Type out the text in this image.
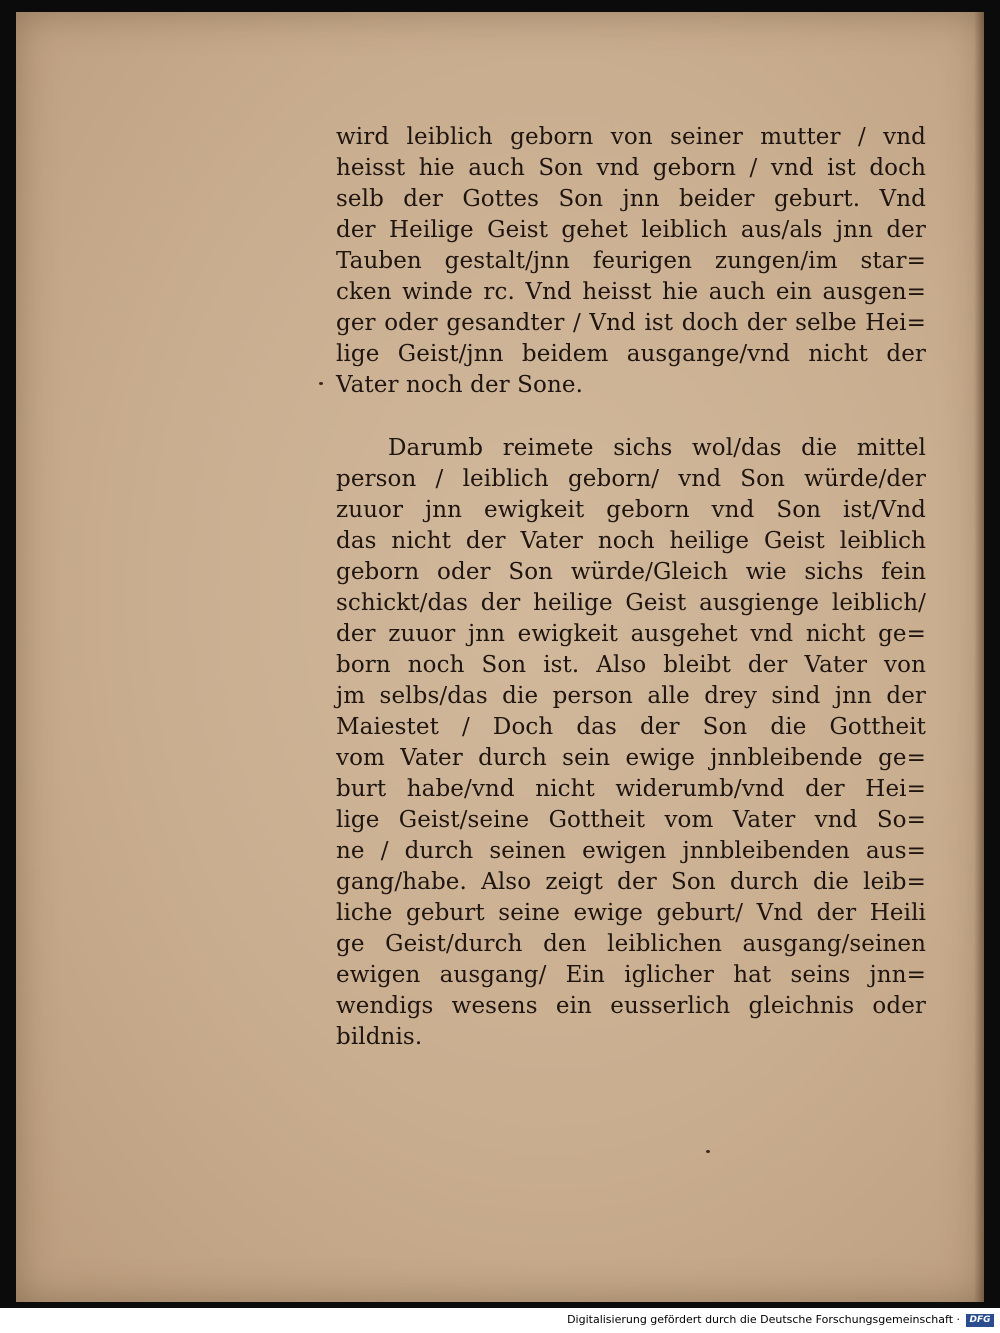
wird leiblich geborn von seiner mutter / vnd
heisst hie auch Son vnd geborn / vnd ist doch
selb der Gottes Son jnn beider geburt. Vnd
der Heilige Geist gehet leiblich aus/als jnn der
Tauben gestalt/jnn feurigen zungen/im star=
cken winde rc. Vnd heisst hie auch ein ausgen=
ger oder gesandter / Vnd ist doch der selbe Hei=
lige Geist/jnn beidem ausgange/vnd nicht der
Vater noch der Sone.
Darumb reimete sichs wol/das die mittel
person / leiblich geborn/ vnd Son würde/der
zuuor jnn ewigkeit geborn vnd Son ist/Vnd
das nicht der Vater noch heilige Geist leiblich
geborn oder Son würde/Gleich wie sichs fein
schickt/das der heilige Geist ausgienge leiblich/
der zuuor jnn ewigkeit ausgehet vnd nicht ge=
born noch Son ist. Also bleibt der Vater von
jm selbs/das die person alle drey sind jnn der
Maiestet / Doch das der Son die Gottheit
vom Vater durch sein ewige jnnbleibende ge=
burt habe/vnd nicht widerumb/vnd der Hei=
lige Geist/seine Gottheit vom Vater vnd So=
ne / durch seinen ewigen jnnbleibenden aus=
gang/habe. Also zeigt der Son durch die leib=
liche geburt seine ewige geburt/ Vnd der Heili
ge Geist/durch den leiblichen ausgang/seinen
ewigen ausgang/ Ein iglicher hat seins jnn=
wendigs wesens ein eusserlich gleichnis oder
bildnis.
Digitalisierung gefördert durch die Deutsche Forschungsgemeinschaft ·	DFG
